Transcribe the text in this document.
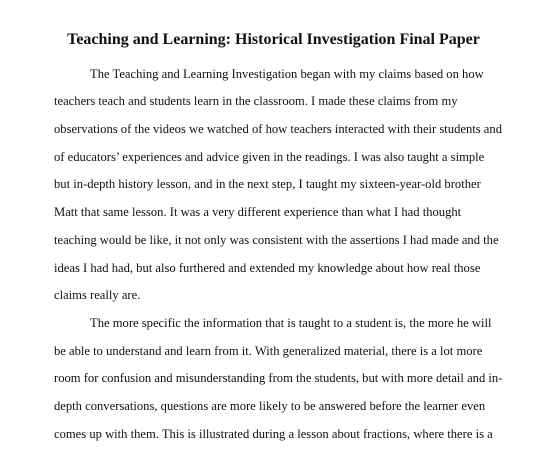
Teaching and Learning: Historical Investigation Final Paper
The Teaching and Learning Investigation began with my claims based on how
teachers teach and students learn in the classroom. I made these claims from my
observations of the videos we watched of how teachers interacted with their students and
of educators’ experiences and advice given in the readings. I was also taught a simple
but in-depth history lesson, and in the next step, I taught my sixteen-year-old brother
Matt that same lesson. It was a very different experience than what I had thought
teaching would be like, it not only was consistent with the assertions I had made and the
ideas I had had, but also furthered and extended my knowledge about how real those
claims really are.
The more specific the information that is taught to a student is, the more he will
be able to understand and learn from it. With generalized material, there is a lot more
room for confusion and misunderstanding from the students, but with more detail and in-
depth conversations, questions are more likely to be answered before the learner even
comes up with them. This is illustrated during a lesson about fractions, where there is a
